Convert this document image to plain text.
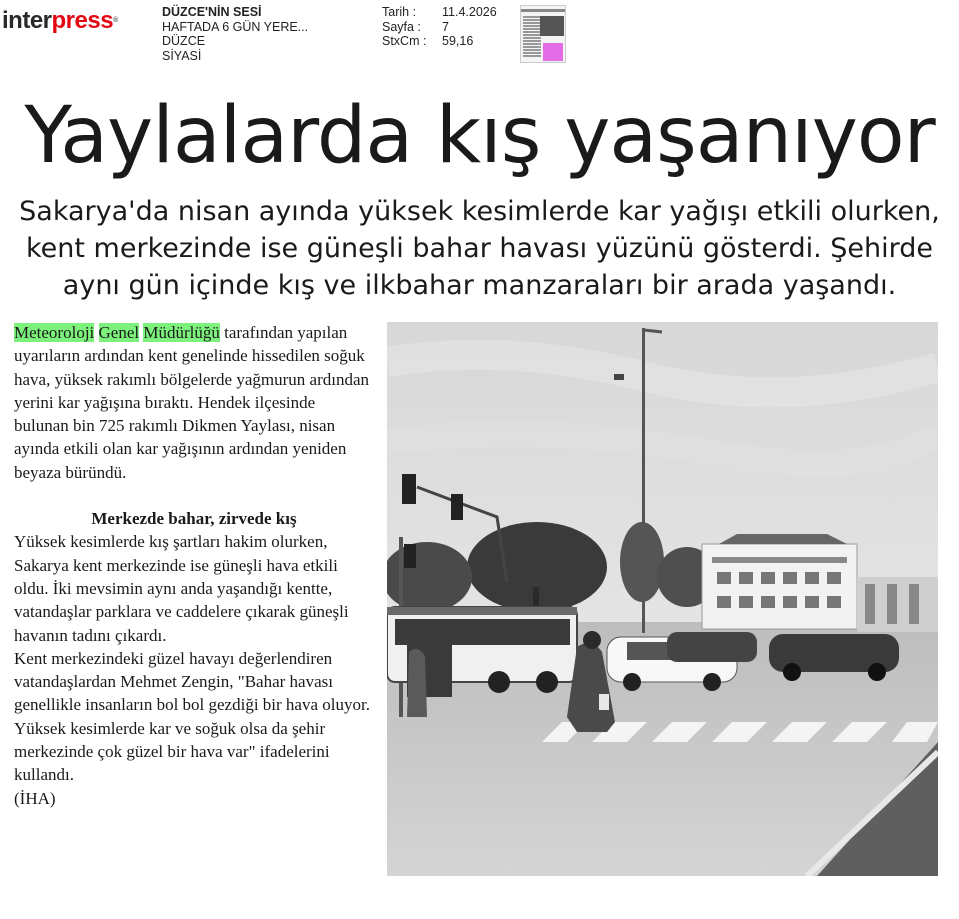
interpress®
DÜZCE'NİN SESİ
HAFTADA 6 GÜN YERE...
DÜZCE
SİYASİ
Tarih :	11.4.2026
Sayfa :	7
StxCm :	59,16
Yaylalarda kış yaşanıyor
Sakarya'da nisan ayında yüksek kesimlerde kar yağışı etkili olurken,
kent merkezinde ise güneşli bahar havası yüzünü gösterdi. Şehirde
aynı gün içinde kış ve ilkbahar manzaraları bir arada yaşandı.

Meteoroloji Genel Müdürlüğü tarafından yapılan uyarıların ardından kent genelinde hissedilen soğuk hava, yüksek rakımlı bölgelerde yağmurun ardından yerini kar yağışına bıraktı. Hendek ilçesinde bulunan bin 725 rakımlı Dikmen Yaylası, nisan ayında etkili olan kar yağışının ardından yeniden beyaza büründü.

Merkezde bahar, zirvede kış

Yüksek kesimlerde kış şartları hakim olurken, Sakarya kent merkezinde ise güneşli hava etkili oldu. İki mevsimin aynı anda yaşandığı kentte, vatandaşlar parklara ve caddelere çıkarak güneşli havanın tadını çıkardı.

Kent merkezindeki güzel havayı değerlendiren vatandaşlardan Mehmet Zengin, "Bahar havası genellikle insanların bol bol gezdiği bir hava oluyor. Yüksek kesimlerde kar ve soğuk olsa da şehir merkezinde çok güzel bir hava var" ifadelerini kullandı.

(İHA)
